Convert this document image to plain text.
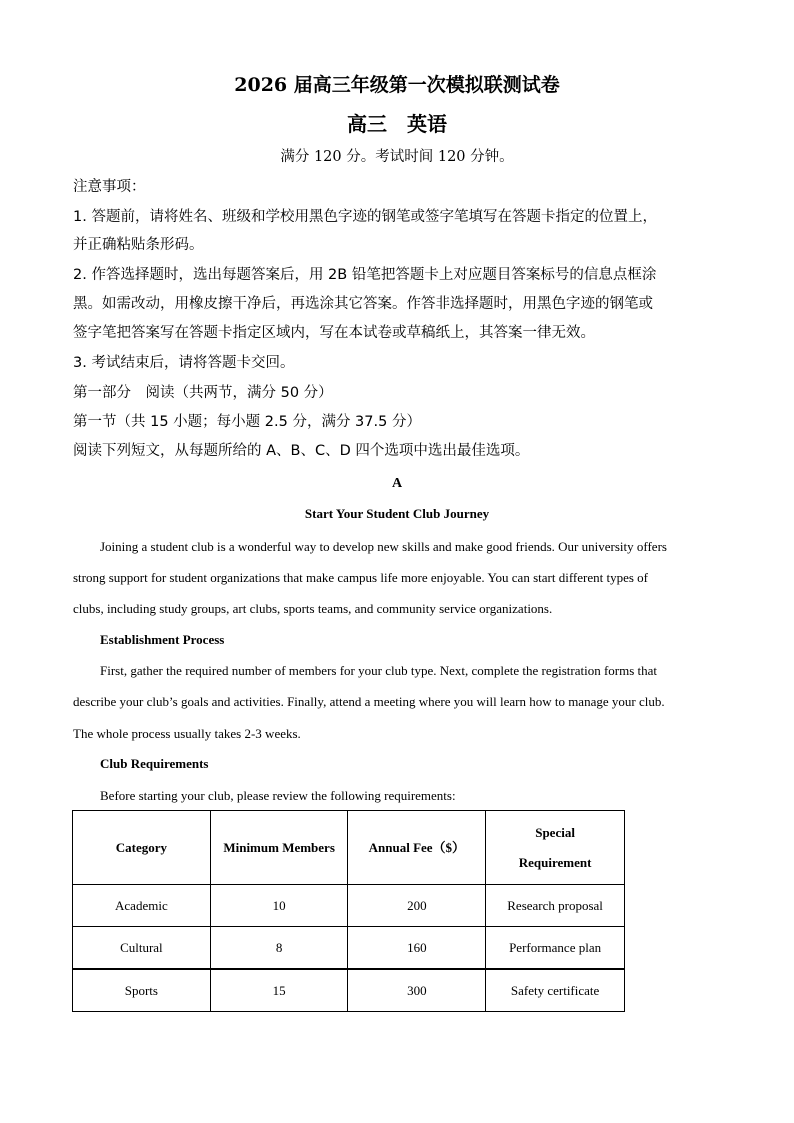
2026 届高三年级第一次模拟联测试卷
高三　英语
满分 120 分。考试时间 120 分钟。
注意事项：
1. 答题前，请将姓名、班级和学校用黑色字迹的钢笔或签字笔填写在答题卡指定的位置上，
并正确粘贴条形码。
2. 作答选择题时，选出每题答案后，用 2B 铅笔把答题卡上对应题目答案标号的信息点框涂
黑。如需改动，用橡皮擦干净后，再选涂其它答案。作答非选择题时，用黑色字迹的钢笔或
签字笔把答案写在答题卡指定区域内，写在本试卷或草稿纸上，其答案一律无效。
3. 考试结束后，请将答题卡交回。
第一部分　阅读（共两节，满分 50 分）
第一节（共 15 小题；每小题 2.5 分，满分 37.5 分）
阅读下列短文，从每题所给的 A、B、C、D 四个选项中选出最佳选项。
A
Start Your Student Club Journey
Joining a student club is a wonderful way to develop new skills and make good friends. Our university offers
strong support for student organizations that make campus life more enjoyable. You can start different types of
clubs, including study groups, art clubs, sports teams, and community service organizations.
Establishment Process
First, gather the required number of members for your club type. Next, complete the registration forms that
describe your club’s goals and activities. Finally, attend a meeting where you will learn how to manage your club.
The whole process usually takes 2-3 weeks.
Club Requirements
Before starting your club, please review the following requirements:
Category	Minimum Members	Annual Fee（$）	Special
Requirement
Academic	10	200	Research proposal
Cultural	8	160	Performance plan
Sports	15	300	Safety certificate
